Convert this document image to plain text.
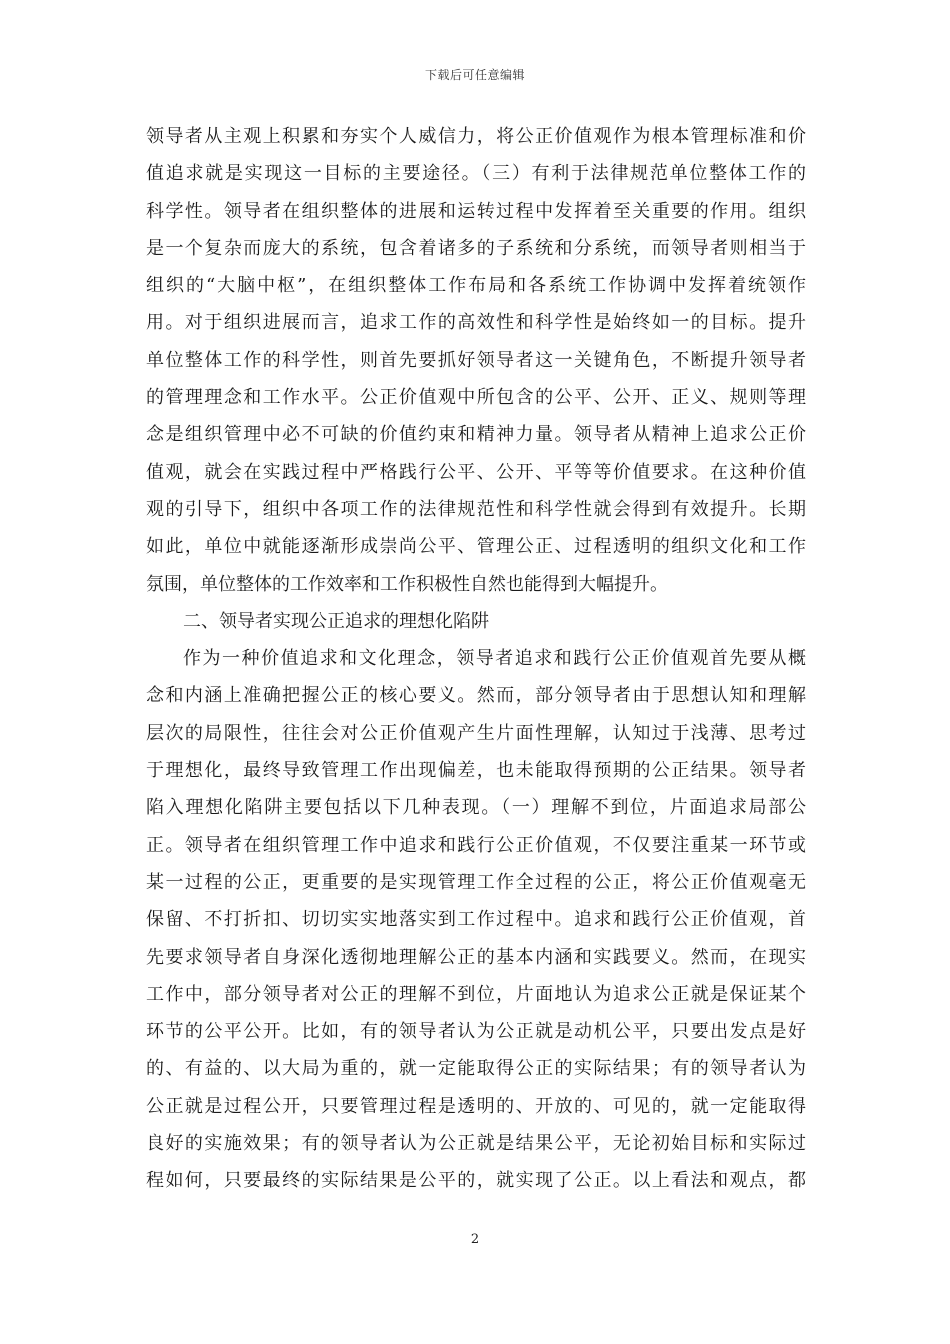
下载后可任意编辑
领导者从主观上积累和夯实个人威信力，将公正价值观作为根本管理标准和价
值追求就是实现这一目标的主要途径。（三）有利于法律规范单位整体工作的
科学性。领导者在组织整体的进展和运转过程中发挥着至关重要的作用。组织
是一个复杂而庞大的系统，包含着诸多的子系统和分系统，而领导者则相当于
组织的“大脑中枢”，在组织整体工作布局和各系统工作协调中发挥着统领作
用。对于组织进展而言，追求工作的高效性和科学性是始终如一的目标。提升
单位整体工作的科学性，则首先要抓好领导者这一关键角色，不断提升领导者
的管理理念和工作水平。公正价值观中所包含的公平、公开、正义、规则等理
念是组织管理中必不可缺的价值约束和精神力量。领导者从精神上追求公正价
值观，就会在实践过程中严格践行公平、公开、平等等价值要求。在这种价值
观的引导下，组织中各项工作的法律规范性和科学性就会得到有效提升。长期
如此，单位中就能逐渐形成崇尚公平、管理公正、过程透明的组织文化和工作
氛围，单位整体的工作效率和工作积极性自然也能得到大幅提升。
二、领导者实现公正追求的理想化陷阱
作为一种价值追求和文化理念，领导者追求和践行公正价值观首先要从概
念和内涵上准确把握公正的核心要义。然而，部分领导者由于思想认知和理解
层次的局限性，往往会对公正价值观产生片面性理解，认知过于浅薄、思考过
于理想化，最终导致管理工作出现偏差，也未能取得预期的公正结果。领导者
陷入理想化陷阱主要包括以下几种表现。（一）理解不到位，片面追求局部公
正。领导者在组织管理工作中追求和践行公正价值观，不仅要注重某一环节或
某一过程的公正，更重要的是实现管理工作全过程的公正，将公正价值观毫无
保留、不打折扣、切切实实地落实到工作过程中。追求和践行公正价值观，首
先要求领导者自身深化透彻地理解公正的基本内涵和实践要义。然而，在现实
工作中，部分领导者对公正的理解不到位，片面地认为追求公正就是保证某个
环节的公平公开。比如，有的领导者认为公正就是动机公平，只要出发点是好
的、有益的、以大局为重的，就一定能取得公正的实际结果；有的领导者认为
公正就是过程公开，只要管理过程是透明的、开放的、可见的，就一定能取得
良好的实施效果；有的领导者认为公正就是结果公平，无论初始目标和实际过
程如何，只要最终的实际结果是公平的，就实现了公正。以上看法和观点，都
2
